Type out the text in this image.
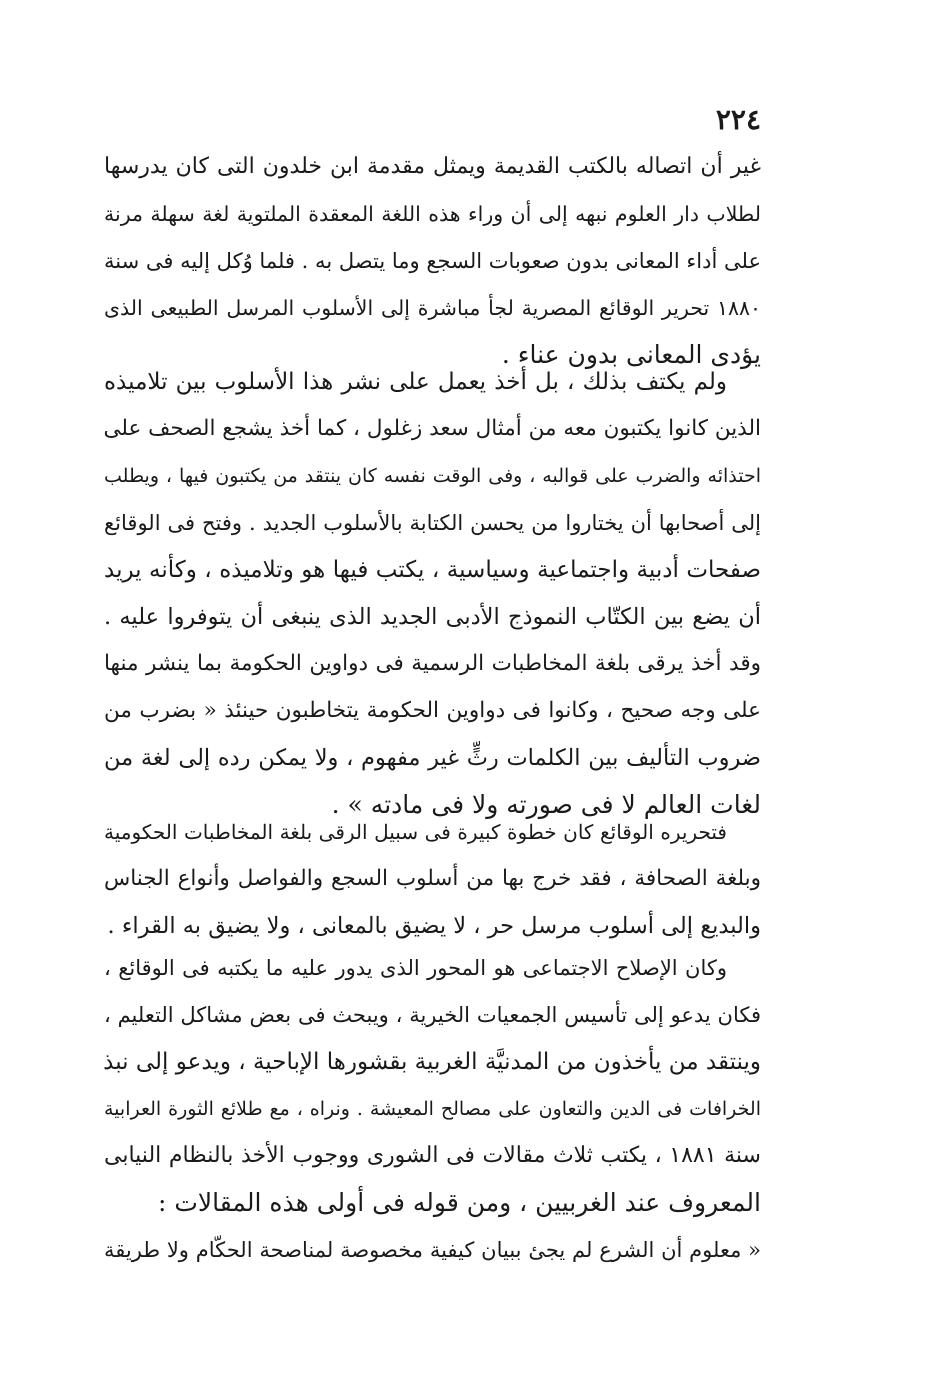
٢٢٤
غير أن اتصاله بالكتب القديمة ويمثل مقدمة ابن خلدون التى كان يدرسها
لطلاب دار العلوم نبهه إلى أن وراء هذه اللغة المعقدة الملتوية لغة سهلة مرنة
على أداء المعانى بدون صعوبات السجع وما يتصل به . فلما وُكل إليه فى سنة
١٨٨٠ تحرير الوقائع المصرية لجأ مباشرة إلى الأسلوب المرسل الطبيعى الذى
يؤدى المعانى بدون عناء .
ولم يكتف بذلك ، بل أخذ يعمل على نشر هذا الأسلوب بين تلاميذه
الذين كانوا يكتبون معه من أمثال سعد زغلول ، كما أخذ يشجع الصحف على
احتذائه والضرب على قوالبه ، وفى الوقت نفسه كان ينتقد من يكتبون فيها ، ويطلب
إلى أصحابها أن يختاروا من يحسن الكتابة بالأسلوب الجديد . وفتح فى الوقائع
صفحات أدبية واجتماعية وسياسية ، يكتب فيها هو وتلاميذه ، وكأنه يريد
أن يضع بين الكتّاب النموذج الأدبى الجديد الذى ينبغى أن يتوفروا عليه .
وقد أخذ يرقى بلغة المخاطبات الرسمية فى دواوين الحكومة بما ينشر منها
على وجه صحيح ، وكانوا فى دواوين الحكومة يتخاطبون حينئذ « بضرب من
ضروب التأليف بين الكلمات رثٍّ غير مفهوم ، ولا يمكن رده إلى لغة من
لغات العالم لا فى صورته ولا فى مادته » .
فتحريره الوقائع كان خطوة كبيرة فى سبيل الرقى بلغة المخاطبات الحكومية
وبلغة الصحافة ، فقد خرج بها من أسلوب السجع والفواصل وأنواع الجناس
والبديع إلى أسلوب مرسل حر ، لا يضيق بالمعانى ، ولا يضيق به القراء .
وكان الإصلاح الاجتماعى هو المحور الذى يدور عليه ما يكتبه فى الوقائع ،
فكان يدعو إلى تأسيس الجمعيات الخيرية ، ويبحث فى بعض مشاكل التعليم ،
وينتقد من يأخذون من المدنيَّة الغربية بقشورها الإباحية ، ويدعو إلى نبذ
الخرافات فى الدين والتعاون على مصالح المعيشة . ونراه ، مع طلائع الثورة العرابية
سنة ١٨٨١ ، يكتب ثلاث مقالات فى الشورى ووجوب الأخذ بالنظام النيابى
المعروف عند الغربيين ، ومن قوله فى أولى هذه المقالات :
« معلوم أن الشرع لم يجئ ببيان كيفية مخصوصة لمناصحة الحكّام ولا طريقة
